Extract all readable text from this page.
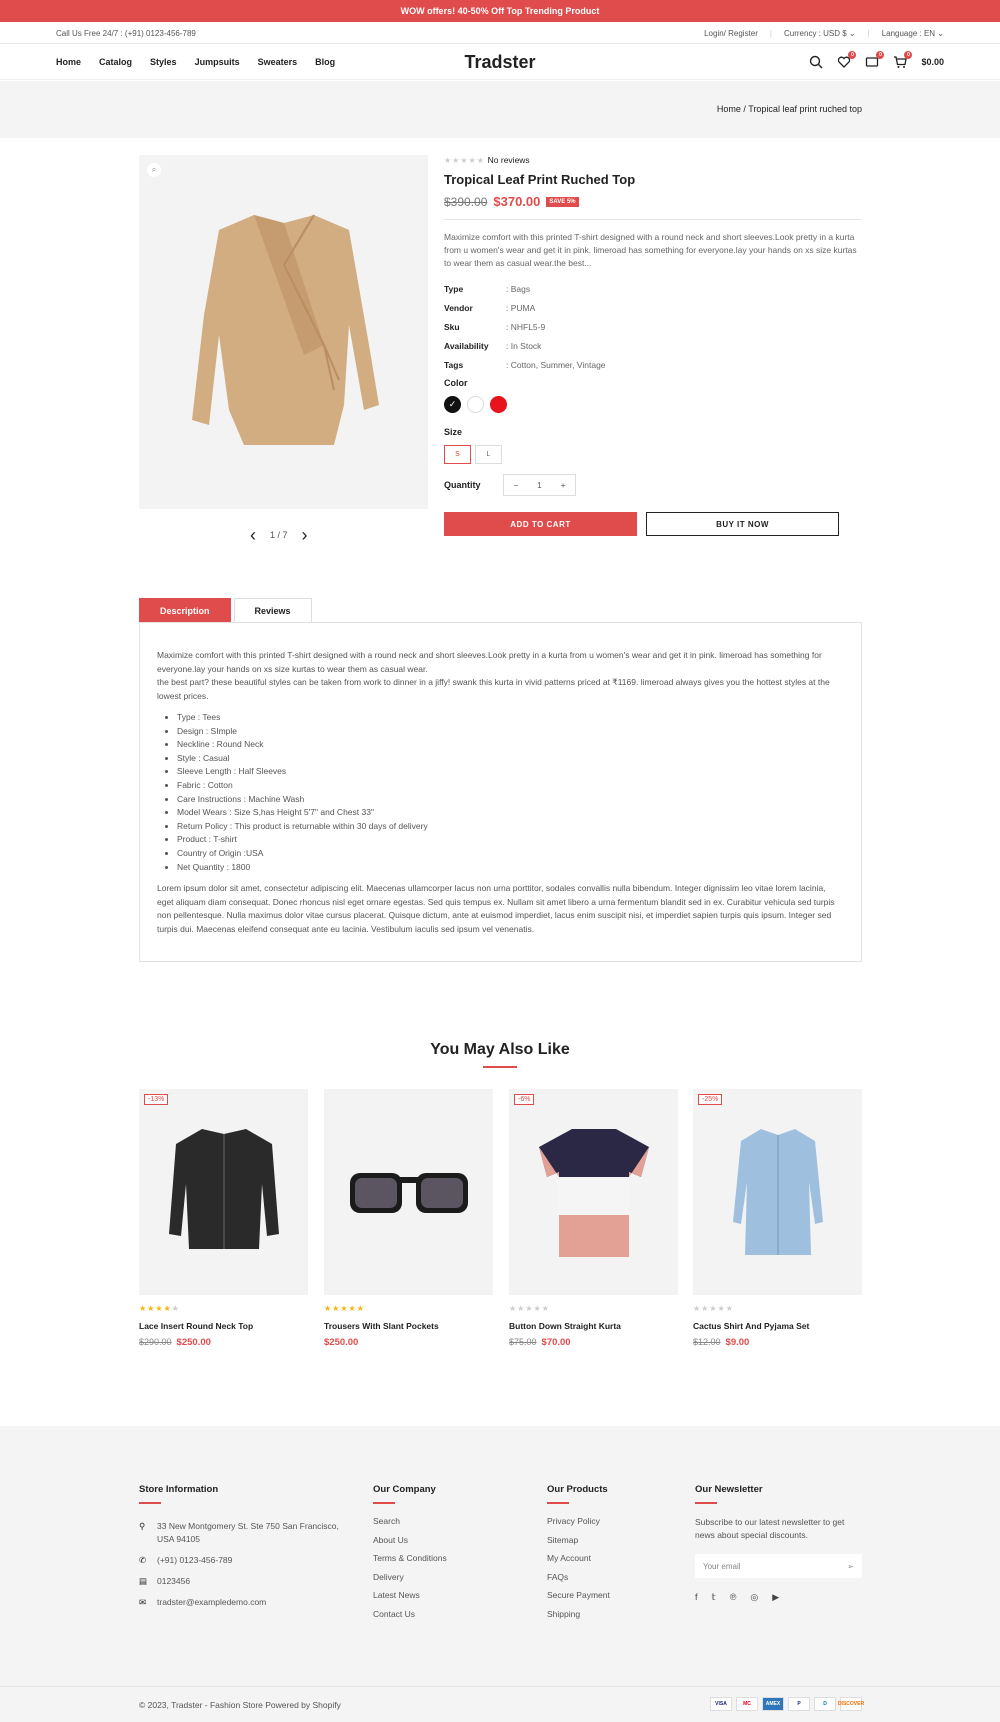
WOW offers! 40-50% Off Top Trending Product
Call Us Free 24/7 : (+91) 0123-456-789	Login/ Register | Currency : USD $ ⌄ | Language : EN ⌄
Home Catalog Styles Jumpsuits Sweaters Blog	Tradster	0	0	0
$0.00
Home / Tropical leaf print ruched top
⌕
‹ 1 / 7 ›
★★★★★ No reviews
Tropical Leaf Print Ruched Top
$390.00 $370.00	SAVE 5%
Maximize comfort with this printed T-shirt designed with a round neck and short sleeves.Look pretty in a kurta from u women's wear and get it in pink. limeroad has something for everyone.lay your hands on xs size kurtas to wear them as casual wear.the best...
Type	: Bags
Vendor	: PUMA
Sku	: NHFL5-9
Availability	: In Stock
Tags	: Cotton, Summer, Vintage
Color
✓
Size
S	L
Quantity	− 1 +
ADD TO CART	BUY IT NOW
Description	Reviews

Maximize comfort with this printed T-shirt designed with a round neck and short sleeves.Look pretty in a kurta from u women's wear and get it in pink. limeroad has something for everyone.lay your hands on xs size kurtas to wear them as casual wear.

the best part? these beautiful styles can be taken from work to dinner in a jiffy! swank this kurta in vivid patterns priced at ₹1169. limeroad always gives you the hottest styles at the lowest prices.

• Type : Tees
• Design : SImple
• Neckline : Round Neck
• Style : Casual
• Sleeve Length : Half Sleeves
• Fabric : Cotton
• Care Instructions : Machine Wash
• Model Wears : Size S,has Height 5'7" and Chest 33"
• Return Policy : This product is returnable within 30 days of delivery
• Product : T-shirt
• Country of Origin :USA
• Net Quantity : 1800

Lorem ipsum dolor sit amet, consectetur adipiscing elit. Maecenas ullamcorper lacus non urna porttitor, sodales convallis nulla bibendum. Integer dignissim leo vitae lorem lacinia, eget aliquam diam consequat. Donec rhoncus nisl eget ornare egestas. Sed quis tempus ex. Nullam sit amet libero a urna fermentum blandit sed in ex. Curabitur vehicula sed turpis non pellentesque. Nulla maximus dolor vitae cursus placerat. Quisque dictum, ante at euismod imperdiet, lacus enim suscipit nisi, et imperdiet sapien turpis quis ipsum. Integer sed turpis dui. Maecenas eleifend consequat ante eu lacinia. Vestibulum iaculis sed ipsum vel venenatis.

You May Also Like
-13%
★★★★★
Lace Insert Round Neck Top
$290.00 $250.00
★★★★★
Trousers With Slant Pockets
$250.00
-6%
★★★★★
Button Down Straight Kurta
$75.00 $70.00
-25%
★★★★★
Cactus Shirt And Pyjama Set
$12.00 $9.00
Store Information
⚲	33 New Montgomery St. Ste 750 San Francisco, USA 94105
✆	(+91) 0123-456-789
▤ 0123456
✉	tradster@exampledemo.com
Our Company
Search
About Us
Terms & Conditions
Delivery
Latest News
Contact Us
Our Products
Privacy Policy
Sitemap
My Account
FAQs
Secure Payment
Shipping
Our Newsletter
Subscribe to our latest newsletter to get news about special discounts.
Your email	➢
f 𝕥 ℗ ◎ ▶
© 2023, Tradster - Fashion Store Powered by Shopify	VISA	MC	AMEX	P	D	DISCOVER
